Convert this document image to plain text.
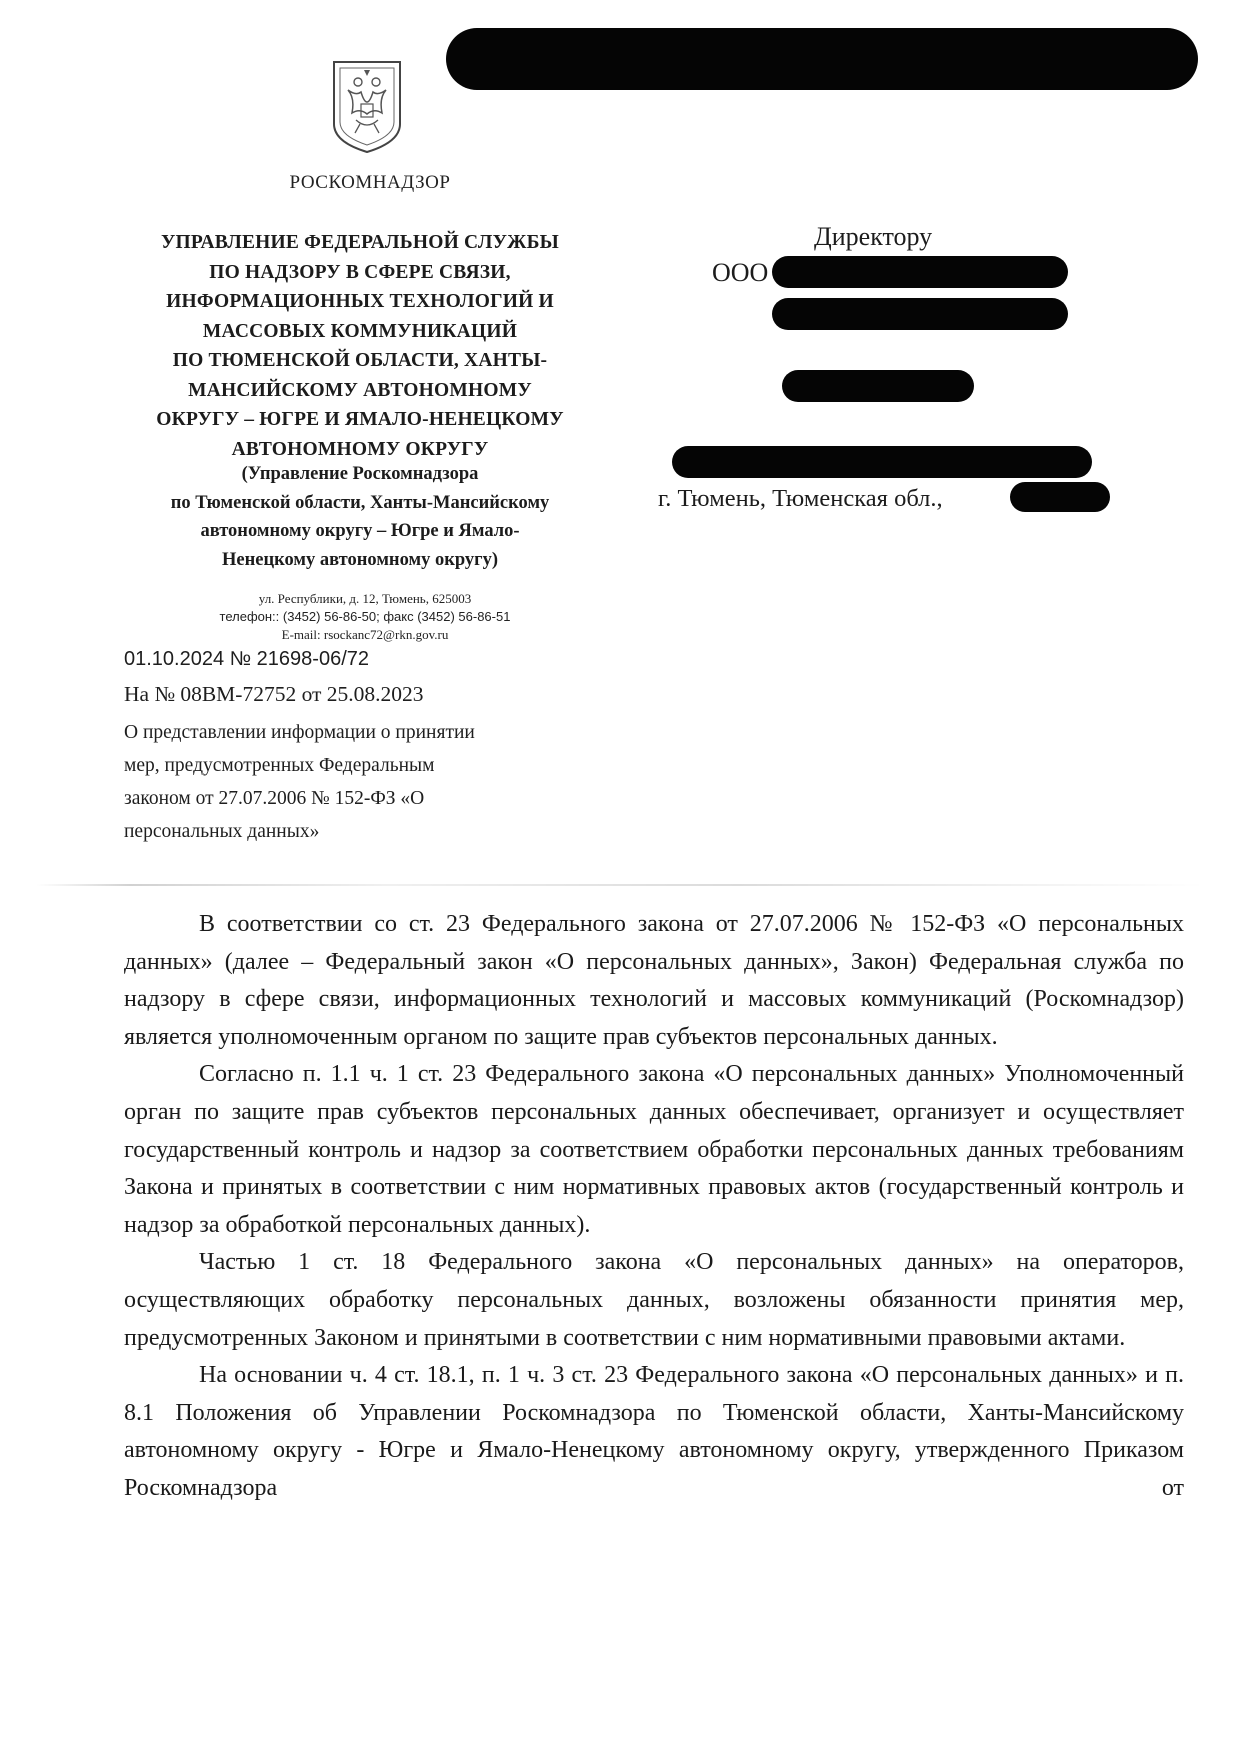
РОСКОМНАДЗОР
УПРАВЛЕНИЕ ФЕДЕРАЛЬНОЙ СЛУЖБЫ
ПО НАДЗОРУ В СФЕРЕ СВЯЗИ,
ИНФОРМАЦИОННЫХ ТЕХНОЛОГИЙ И
МАССОВЫХ КОММУНИКАЦИЙ
ПО ТЮМЕНСКОЙ ОБЛАСТИ, ХАНТЫ-
МАНСИЙСКОМУ АВТОНОМНОМУ
ОКРУГУ – ЮГРЕ И ЯМАЛО-НЕНЕЦКОМУ
АВТОНОМНОМУ ОКРУГУ
(Управление Роскомнадзора
по Тюменской области, Ханты-Мансийскому
автономному округу – Югре и Ямало-
Ненецкому автономному округу)
ул. Республики, д. 12, Тюмень, 625003
телефон:: (3452) 56-86-50; факс (3452) 56-86-51
E-mail: rsockanc72@rkn.gov.ru
01.10.2024 № 21698-06/72
На № 08ВМ-72752 от 25.08.2023
О представлении информации о принятии
мер, предусмотренных Федеральным
законом от 27.07.2006 № 152-ФЗ «О
персональных данных»
Директору
ООО
г. Тюмень, Тюменская обл.,

В соответствии со ст. 23 Федерального закона от 27.07.2006 № 152-ФЗ «О персональных данных» (далее – Федеральный закон «О персональных данных», Закон) Федеральная служба по надзору в сфере связи, информационных технологий и массовых коммуникаций (Роскомнадзор) является уполномоченным органом по защите прав субъектов персональных данных.

Согласно п. 1.1 ч. 1 ст. 23 Федерального закона «О персональных данных» Уполномоченный орган по защите прав субъектов персональных данных обеспечивает, организует и осуществляет государственный контроль и надзор за соответствием обработки персональных данных требованиям Закона и принятых в соответствии с ним нормативных правовых актов (государственный контроль и надзор за обработкой персональных данных).

Частью 1 ст. 18 Федерального закона «О персональных данных» на операторов, осуществляющих обработку персональных данных, возложены обязанности принятия мер, предусмотренных Законом и принятыми в соответствии с ним нормативными правовыми актами.

На основании ч. 4 ст. 18.1, п. 1 ч. 3 ст. 23 Федерального закона «О персональных данных» и п. 8.1 Положения об Управлении Роскомнадзора по Тюменской области, Ханты-Мансийскому автономному округу - Югре и Ямало-Ненецкому автономному округу, утвержденного Приказом Роскомнадзора от
